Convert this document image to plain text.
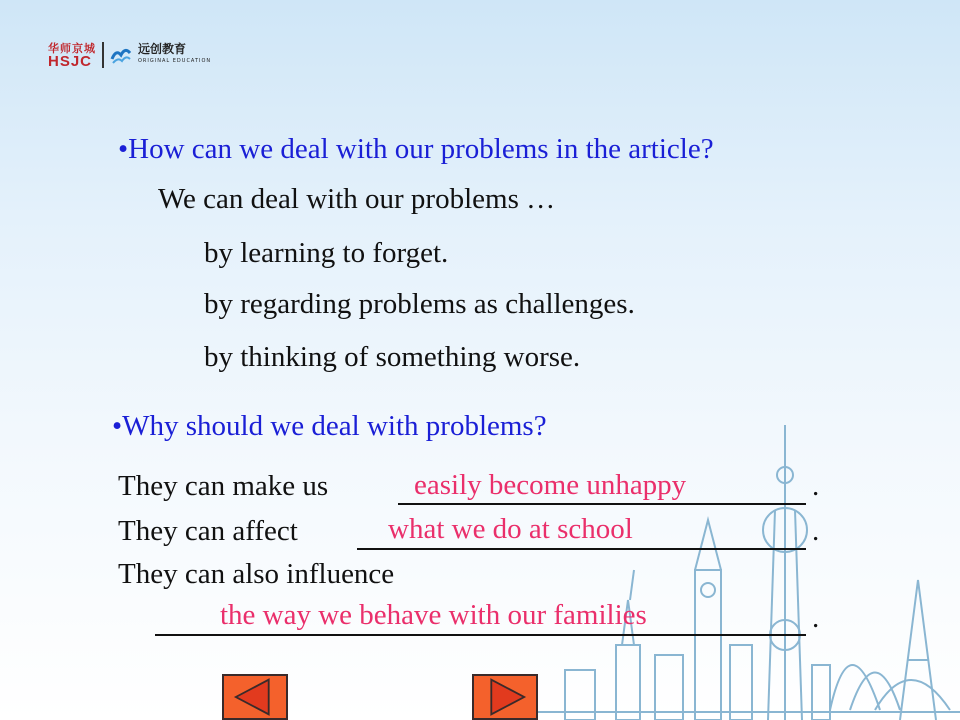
华师京城
HSJC
远创教育
ORIGINAL EDUCATION
•How can we deal with our problems in the article?
We can deal with our problems …
by learning to forget.
by regarding problems as challenges.
by thinking of something worse.
•Why should we deal with problems?
They can make us	easily become unhappy	.
They can affect	what we do at school	.
They can also influence
the way we behave with our families	.
